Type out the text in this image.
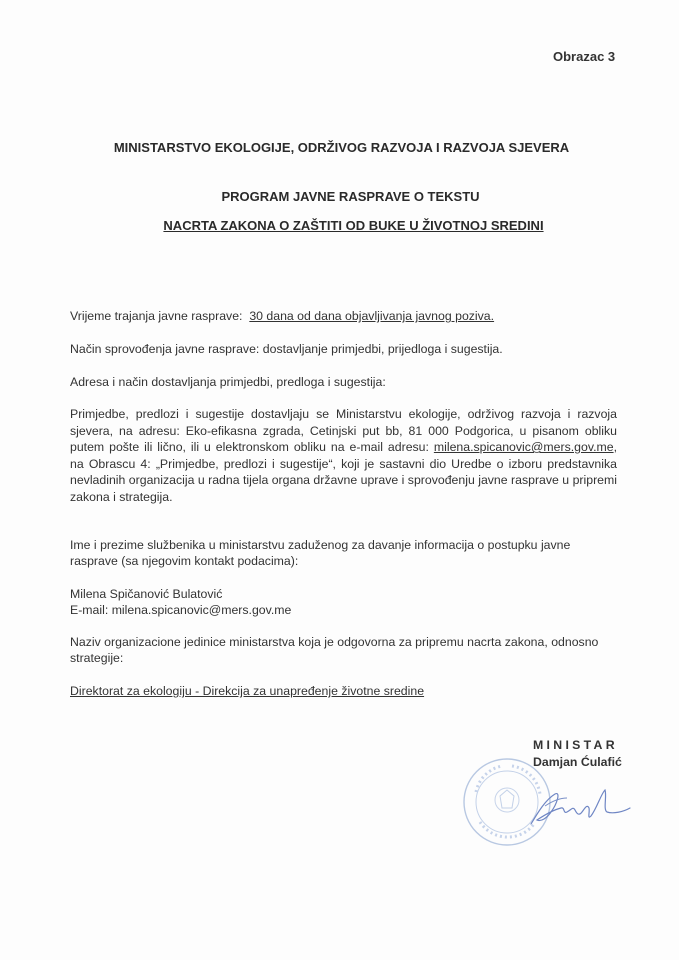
Obrazac 3
MINISTARSTVO EKOLOGIJE, ODRŽIVOG RAZVOJA I RAZVOJA SJEVERA
PROGRAM JAVNE RASPRAVE O TEKSTU
NACRTA ZAKONA O ZAŠTITI OD BUKE U ŽIVOTNOJ SREDINI
Vrijeme trajanja javne rasprave: 30 dana od dana objavljivanja javnog poziva.
Način sprovođenja javne rasprave: dostavljanje primjedbi, prijedloga i sugestija.
Adresa i način dostavljanja primjedbi, predloga i sugestija:
Primjedbe, predlozi i sugestije dostavljaju se Ministarstvu ekologije, održivog razvoja i razvoja sjevera, na adresu: Eko-efikasna zgrada, Cetinjski put bb, 81 000 Podgorica, u pisanom obliku putem pošte ili lično, ili u elektronskom obliku na e-mail adresu: milena.spicanovic@mers.gov.me, na Obrascu 4: „Primjedbe, predlozi i sugestije“, koji je sastavni dio Uredbe o izboru predstavnika nevladinih organizacija u radna tijela organa državne uprave i sprovođenju javne rasprave u pripremi zakona i strategija.
Ime i prezime službenika u ministarstvu zaduženog za davanje informacija o postupku javne rasprave (sa njegovim kontakt podacima):
Milena Spičanović Bulatović
E-mail: milena.spicanovic@mers.gov.me
Naziv organizacione jedinice ministarstva koja je odgovorna za pripremu nacrta zakona, odnosno strategije:
Direktorat za ekologiju - Direkcija za unapređenje životne sredine
MINISTAR
Damjan Ćulafić
